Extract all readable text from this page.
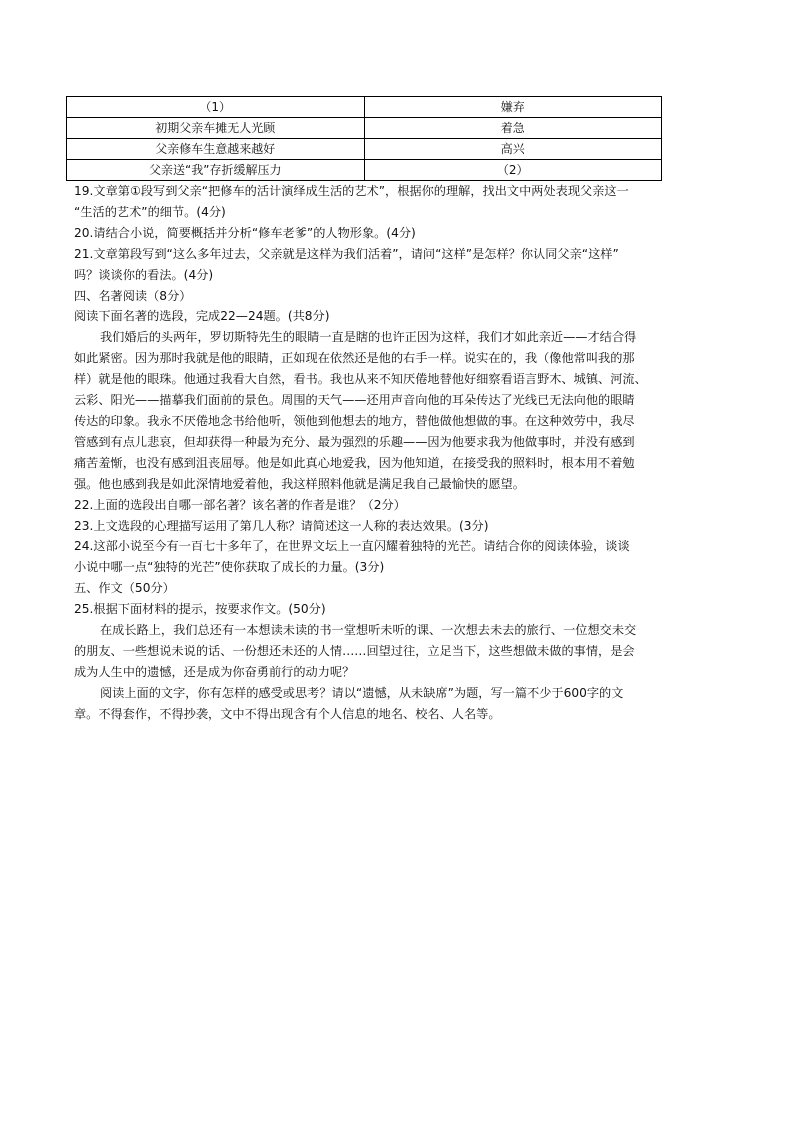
（1）	嫌弃
初期父亲车摊无人光顾	着急
父亲修车生意越来越好	高兴
父亲送“我”存折缓解压力	（2）
19.文章第①段写到父亲“把修车的活计演绎成生活的艺术”，根据你的理解，找出文中两处表现父亲这一
“生活的艺术”的细节。(4分)
20.请结合小说，简要概括并分析“修车老爹”的人物形象。(4分)
21.文章第段写到“这么多年过去，父亲就是这样为我们活着”，请问“这样”是怎样？你认同父亲“这样”
吗？谈谈你的看法。(4分)
四、名著阅读（8分）
阅读下面名著的选段，完成22—24题。(共8分)
我们婚后的头两年，罗切斯特先生的眼睛一直是瞎的也许正因为这样，我们才如此亲近——才结合得
如此紧密。因为那时我就是他的眼睛，正如现在依然还是他的右手一样。说实在的，我（像他常叫我的那
样）就是他的眼珠。他通过我看大自然，看书。我也从来不知厌倦地替他好细察看语言野木、城镇、河流、
云彩、阳光——描摹我们面前的景色。周围的天气——还用声音向他的耳朵传达了光线已无法向他的眼睛
传达的印象。我永不厌倦地念书给他听，领他到他想去的地方，替他做他想做的事。在这种效劳中，我尽
管感到有点儿悲哀，但却获得一种最为充分、最为强烈的乐趣——因为他要求我为他做事时，并没有感到
痛苦羞惭，也没有感到沮丧屈辱。他是如此真心地爱我，因为他知道，在接受我的照料时，根本用不着勉
强。他也感到我是如此深情地爱着他，我这样照料他就是满足我自己最愉快的愿望。
22.上面的选段出自哪一部名著？该名著的作者是谁？（2分）
23.上文选段的心理描写运用了第几人称？请简述这一人称的表达效果。(3分)
24.这部小说至今有一百七十多年了，在世界文坛上一直闪耀着独特的光芒。请结合你的阅读体验，谈谈
小说中哪一点“独特的光芒”使你获取了成长的力量。(3分)
五、作文（50分）
25.根据下面材料的提示，按要求作文。(50分)
在成长路上，我们总还有一本想读未读的书一堂想听未听的课、一次想去未去的旅行、一位想交未交
的朋友、一些想说未说的话、一份想还未还的人情……回望过往，立足当下，这些想做未做的事情，是会
成为人生中的遗憾，还是成为你奋勇前行的动力呢？
阅读上面的文字，你有怎样的感受或思考？请以“遗憾，从未缺席”为题，写一篇不少于600字的文
章。不得套作，不得抄袭，文中不得出现含有个人信息的地名、校名、人名等。
